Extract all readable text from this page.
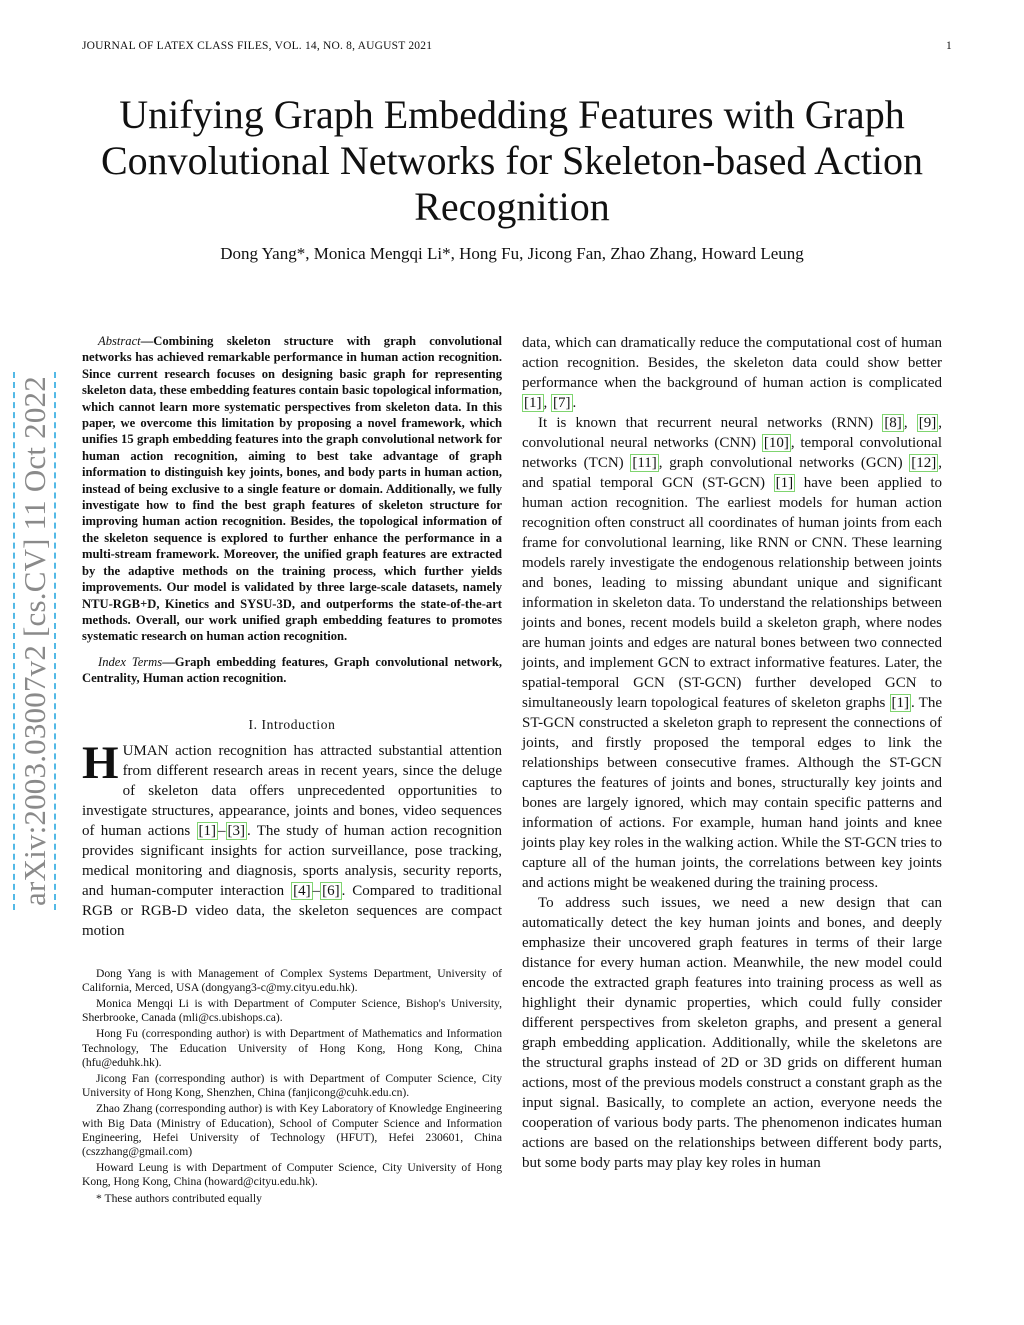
JOURNAL OF LATEX CLASS FILES, VOL. 14, NO. 8, AUGUST 2021	1
arXiv:2003.03007v2 [cs.CV] 11 Oct 2022
Unifying Graph Embedding Features with Graph Convolutional Networks for Skeleton-based Action Recognition
Dong Yang*, Monica Mengqi Li*, Hong Fu, Jicong Fan, Zhao Zhang, Howard Leung

Abstract—Combining skeleton structure with graph convolutional networks has achieved remarkable performance in human action recognition. Since current research focuses on designing basic graph for representing skeleton data, these embedding features contain basic topological information, which cannot learn more systematic perspectives from skeleton data. In this paper, we overcome this limitation by proposing a novel framework, which unifies 15 graph embedding features into the graph convolutional network for human action recognition, aiming to best take advantage of graph information to distinguish key joints, bones, and body parts in human action, instead of being exclusive to a single feature or domain. Additionally, we fully investigate how to find the best graph features of skeleton structure for improving human action recognition. Besides, the topological information of the skeleton sequence is explored to further enhance the performance in a multi-stream framework. Moreover, the unified graph features are extracted by the adaptive methods on the training process, which further yields improvements. Our model is validated by three large-scale datasets, namely NTU-RGB+D, Kinetics and SYSU-3D, and outperforms the state-of-the-art methods. Overall, our work unified graph embedding features to promotes systematic research on human action recognition.

Index Terms—Graph embedding features, Graph convolutional network, Centrality, Human action recognition.

I. Introduction

HUMAN action recognition has attracted substantial attention from different research areas in recent years, since the deluge of skeleton data offers unprecedented opportunities to investigate structures, appearance, joints and bones, video sequences of human actions [1] – [3] . The study of human action recognition provides significant insights for action surveillance, pose tracking, medical monitoring and diagnosis, sports analysis, security reports, and human-computer interaction [4] – [6] . Compared to traditional RGB or RGB-D video data, the skeleton sequences are compact motion

Dong Yang is with Management of Complex Systems Department, University of California, Merced, USA (dongyang3-c@my.cityu.edu.hk).

Monica Mengqi Li is with Department of Computer Science, Bishop's University, Sherbrooke, Canada (mli@cs.ubishops.ca).

Hong Fu (corresponding author) is with Department of Mathematics and Information Technology, The Education University of Hong Kong, Hong Kong, China (hfu@eduhk.hk).

Jicong Fan (corresponding author) is with Department of Computer Science, City University of Hong Kong, Shenzhen, China (fanjicong@cuhk.edu.cn).

Zhao Zhang (corresponding author) is with Key Laboratory of Knowledge Engineering with Big Data (Ministry of Education), School of Computer Science and Information Engineering, Hefei University of Technology (HFUT), Hefei 230601, China (cszzhang@gmail.com)

Howard Leung is with Department of Computer Science, City University of Hong Kong, Hong Kong, China (howard@cityu.edu.hk).

* These authors contributed equally

data, which can dramatically reduce the computational cost of human action recognition. Besides, the skeleton data could show better performance when the background of human action is complicated [1] , [7] .

It is known that recurrent neural networks (RNN) [8] , [9] , convolutional neural networks (CNN) [10] , temporal convolutional networks (TCN) [11] , graph convolutional networks (GCN) [12] , and spatial temporal GCN (ST-GCN) [1] have been applied to human action recognition. The earliest models for human action recognition often construct all coordinates of human joints from each frame for convolutional learning, like RNN or CNN. These learning models rarely investigate the endogenous relationship between joints and bones, leading to missing abundant unique and significant information in skeleton data. To understand the relationships between joints and bones, recent models build a skeleton graph, where nodes are human joints and edges are natural bones between two connected joints, and implement GCN to extract informative features. Later, the spatial-temporal GCN (ST-GCN) further developed GCN to simultaneously learn topological features of skeleton graphs [1] . The ST-GCN constructed a skeleton graph to represent the connections of joints, and firstly proposed the temporal edges to link the relationships between consecutive frames. Although the ST-GCN captures the features of joints and bones, structurally key joints and bones are largely ignored, which may contain specific patterns and information of actions. For example, human hand joints and knee joints play key roles in the walking action. While the ST-GCN tries to capture all of the human joints, the correlations between key joints and actions might be weakened during the training process.

To address such issues, we need a new design that can automatically detect the key human joints and bones, and deeply emphasize their uncovered graph features in terms of their large distance for every human action. Meanwhile, the new model could encode the extracted graph features into training process as well as highlight their dynamic properties, which could fully consider different perspectives from skeleton graphs, and present a general graph embedding application. Additionally, while the skeletons are the structural graphs instead of 2D or 3D grids on different human actions, most of the previous models construct a constant graph as the input signal. Basically, to complete an action, everyone needs the cooperation of various body parts. The phenomenon indicates human actions are based on the relationships between different body parts, but some body parts may play key roles in human
